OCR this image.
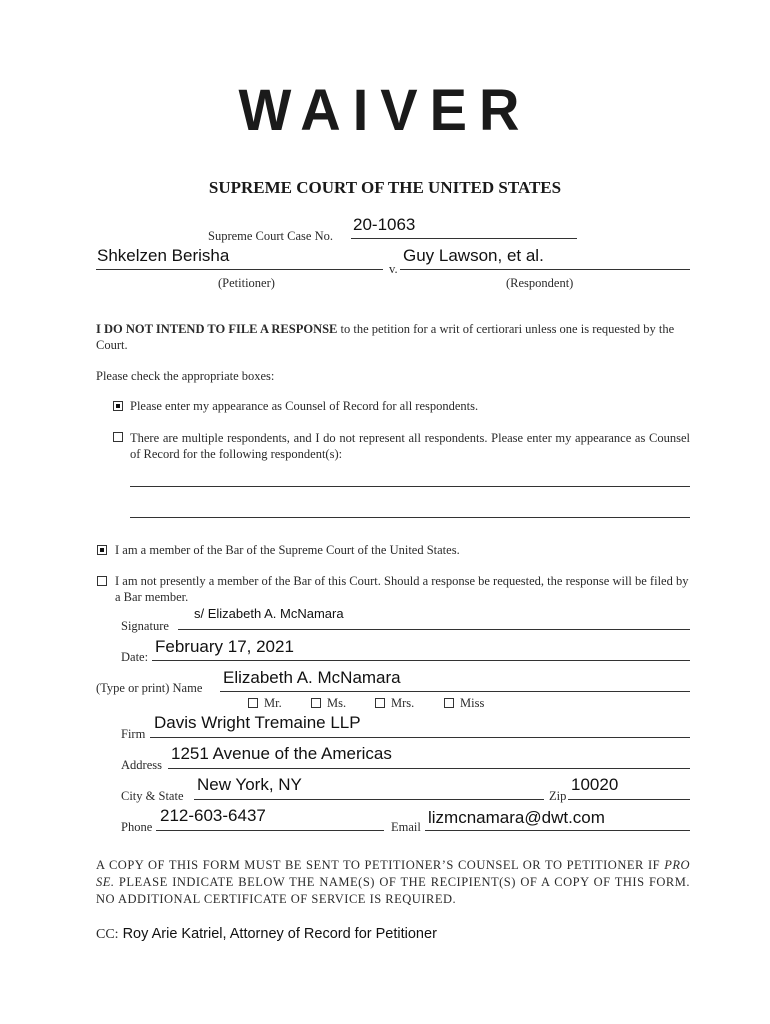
WAIVER
SUPREME COURT OF THE UNITED STATES
Supreme Court Case No.
20-1063
Shkelzen Berisha
v.
Guy Lawson, et al.
(Petitioner)	(Respondent)
I DO NOT INTEND TO FILE A RESPONSE to the petition for a writ of certiorari unless one is requested by the Court.
Please check the appropriate boxes:
Please enter my appearance as Counsel of Record for all respondents.
There are multiple respondents, and I do not represent all respondents. Please enter my appearance as Counsel of Record for the following respondent(s):
I am a member of the Bar of the Supreme Court of the United States.
I am not presently a member of the Bar of this Court. Should a response be requested, the response will be filed by a Bar member.
s/ Elizabeth A. McNamara
Signature
Date:
February 17, 2021
(Type or print) Name
Elizabeth A. McNamara
Mr.	Ms.	Mrs.	Miss
Firm
Davis Wright Tremaine LLP
Address
1251 Avenue of the Americas
City & State
New York, NY
Zip
10020
Phone
212-603-6437
Email lizmcnamara@dwt.com
A COPY OF THIS FORM MUST BE SENT TO PETITIONER’S COUNSEL OR TO PETITIONER IF PRO SE. PLEASE INDICATE BELOW THE NAME(S) OF THE RECIPIENT(S) OF A COPY OF THIS FORM. NO ADDITIONAL CERTIFICATE OF SERVICE IS REQUIRED.
CC: Roy Arie Katriel, Attorney of Record for Petitioner
